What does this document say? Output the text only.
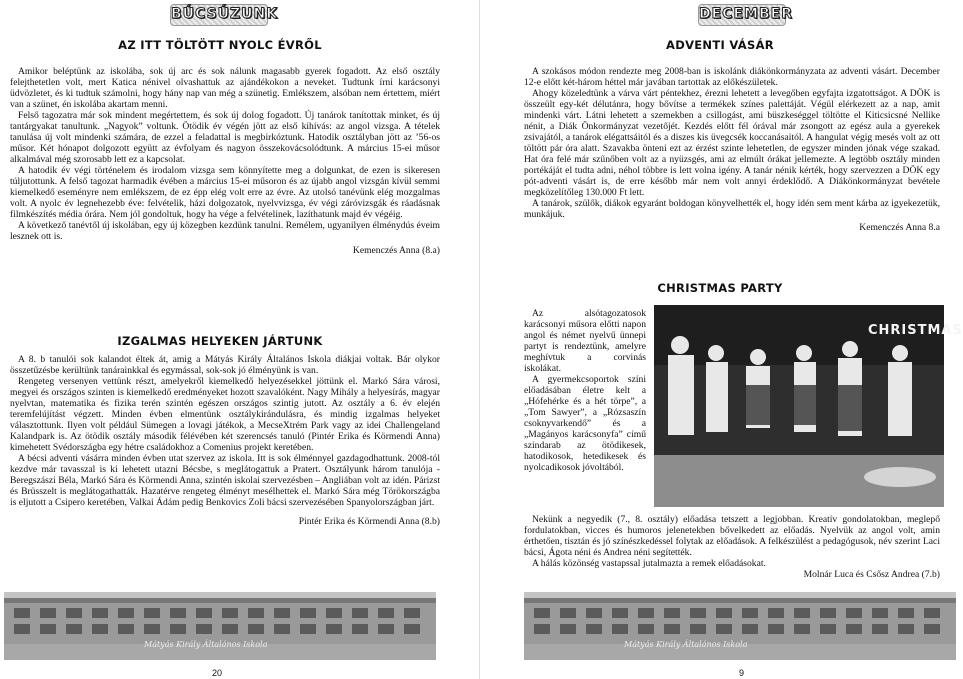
BÚCSÚZUNK
AZ ITT TÖLTÖTT NYOLC ÉVRŐL

Amikor beléptünk az iskolába, sok új arc és sok nálunk magasabb gyerek fogadott. Az első osztály felejthetetlen volt, mert Katica nénivel olvashattuk az ajándékokon a neveket. Tudtunk írni karácsonyi üdvözletet, és ki tudtuk számolni, hogy hány nap van még a szünetig. Emlékszem, alsóban nem értettem, miért van a szünet, én iskolába akartam menni.

Felső tagozatra már sok mindent megértettem, és sok új dolog fogadott. Új tanárok tanítottak minket, és új tantárgyakat tanultunk. „Nagyok” voltunk. Ötödik év végén jött az első kihívás: az angol vizsga. A tételek tanulása új volt mindenki számára, de ezzel a feladattal is megbirkóztunk. Hatodik osztályban jött az ’56-os műsor. Két hónapot dolgozott együtt az évfolyam és nagyon összekovácsolódtunk. A március 15-ei műsor alkalmával még szorosabb lett ez a kapcsolat.

A hatodik év végi történelem és irodalom vizsga sem könnyítette meg a dolgunkat, de ezen is sikeresen túljutottunk. A felső tagozat harmadik évében a március 15-ei műsoron és az újabb angol vizsgán kívül semmi kiemelkedő eseményre nem emlékszem, de ez épp elég volt erre az évre. Az utolsó tanévünk elég mozgalmas volt. A nyolc év legnehezebb éve: felvételik, házi dolgozatok, nyelvvizsga, év végi záróvizsgák és ráadásnak filmkészítés média órára. Nem jól gondoltuk, hogy ha vége a felvételinek, lazíthatunk majd év végéig.

A következő tanévtől új iskolában, egy új közegben kezdünk tanulni. Remélem, ugyanilyen élménydús éveim lesznek ott is.

Kemenczés Anna (8.a)
IZGALMAS HELYEKEN JÁRTUNK

A 8. b tanulói sok kalandot éltek át, amig a Mátyás Király Általános Iskola diákjai voltak. Bár olykor összetűzésbe kerültünk tanárainkkal és egymással, sok-sok jó élményünk is van.

Rengeteg versenyen vettünk részt, amelyekről kiemelkedő helyezésekkel jöttünk el. Markó Sára városi, megyei és országos szinten is kiemelkedő eredményeket hozott szavalóként. Nagy Mihály a helyesírás, magyar nyelvtan, matematika és fizika terén szintén egészen országos szintig jutott. Az osztály a 6. év elején teremfelújítást végzett. Minden évben elmentünk osztálykirándulásra, és mindig izgalmas helyeket választottunk. Ilyen volt például Sümegen a lovagi játékok, a MecseXtrém Park vagy az idei Challengeland Kalandpark is. Az ötödik osztály második félévében két szerencsés tanuló (Pintér Erika és Körmendi Anna) kimehetett Svédországba egy hétre családokhoz a Comenius projekt keretében.

A bécsi adventi vásárra minden évben utat szervez az iskola. Itt is sok élménnyel gazdagodhattunk. 2008-tól kezdve már tavasszal is ki lehetett utazni Bécsbe, s meglátogattuk a Pratert. Osztályunk három tanulója - Beregszászi Béla, Markó Sára és Körmendi Anna, szintén iskolai szervezésben – Angliában volt az idén. Párizst és Brüsszelt is meglátogathatták. Hazatérve rengeteg élményt mesélhettek el. Markó Sára még Törökországba is eljutott a Csipero keretében, Valkai Ádám pedig Benkovics Zoli bácsi szervezésében Spanyolországban járt.

Pintér Erika és Körmendi Anna (8.b)
Mátyás Király Általános Iskola
20
DECEMBER
ADVENTI VÁSÁR

A szokásos módon rendezte meg 2008-ban is iskolánk diákönkormányzata az adventi vásárt. December 12-e előtt két-három héttel már javában tartottak az előkészületek.

Ahogy közeledtünk a várva várt péntekhez, érezni lehetett a levegőben egyfajta izgatottságot. A DÖK is összeült egy-két délutánra, hogy bővítse a termékek színes palettáját. Végül elérkezett az a nap, amit mindenki várt. Látni lehetett a szemekben a csillogást, ami büszkeséggel töltötte el Kiticsicsné Nellike nénit, a Diák Önkormányzat vezetőjét. Kezdés előtt fél órával már zsongott az egész aula a gyerekek zsivajától, a tanárok elégattsáitól és a diszes kis üvegcsék koccanásaitól. A hangulat végig mesés volt az ott töltött pár óra alatt. Szavakba önteni ezt az érzést szinte lehetetlen, de egyszer minden jónak vége szakad. Hat óra felé már szűnőben volt az a nyüzsgés, ami az elmúlt órákat jellemezte. A legtöbb osztály minden portékáját el tudta adni, néhol többre is lett volna igény. A tanár nénik kérték, hogy szervezzen a DÖK egy pót-adventi vásárt is, de erre később már nem volt annyi érdeklődő. A Diákönkormányzat bevétele megközelítőleg 130.000 Ft lett.

A tanárok, szülők, diákok egyaránt boldogan könyvelhették el, hogy idén sem ment kárba az igyekezetük, munkájuk.

Kemenczés Anna 8.a
CHRISTMAS PARTY

Az alsótagozatosok karácsonyi műsora előtti napon angol és német nyelvű ünnepi partyt is rendeztünk, amelyre meghívtuk a corvinás iskolákat.

A gyermekcsoportok színi előadásában életre kelt a „Hófehérke és a hét törpe”, a „Tom Sawyer”, a „Rózsaszín csoknyvarkendő” és a „Magányos karácsonyfa” című színdarab az ötödikesek, hatodikosok, hetedikesek és nyolcadikosok jóvoltából.

CHRISTMAS

Nekünk a negyedik (7., 8. osztály) előadása tetszett a legjobban. Kreatív gondolatokban, meglepő fordulatokban, vicces és humoros jelenetekben bővelkedett az előadás. Nyelvük az angol volt, amin érthetően, tisztán és jó színészkedéssel folytak az előadások. A felkészülést a pedagógusok, név szerint Laci bácsi, Ágota néni és Andrea néni segítették.

A hálás közönség vastapssal jutalmazta a remek előadásokat.

Molnár Luca és Csősz Andrea (7.b)
Mátyás Király Általános Iskola
9
